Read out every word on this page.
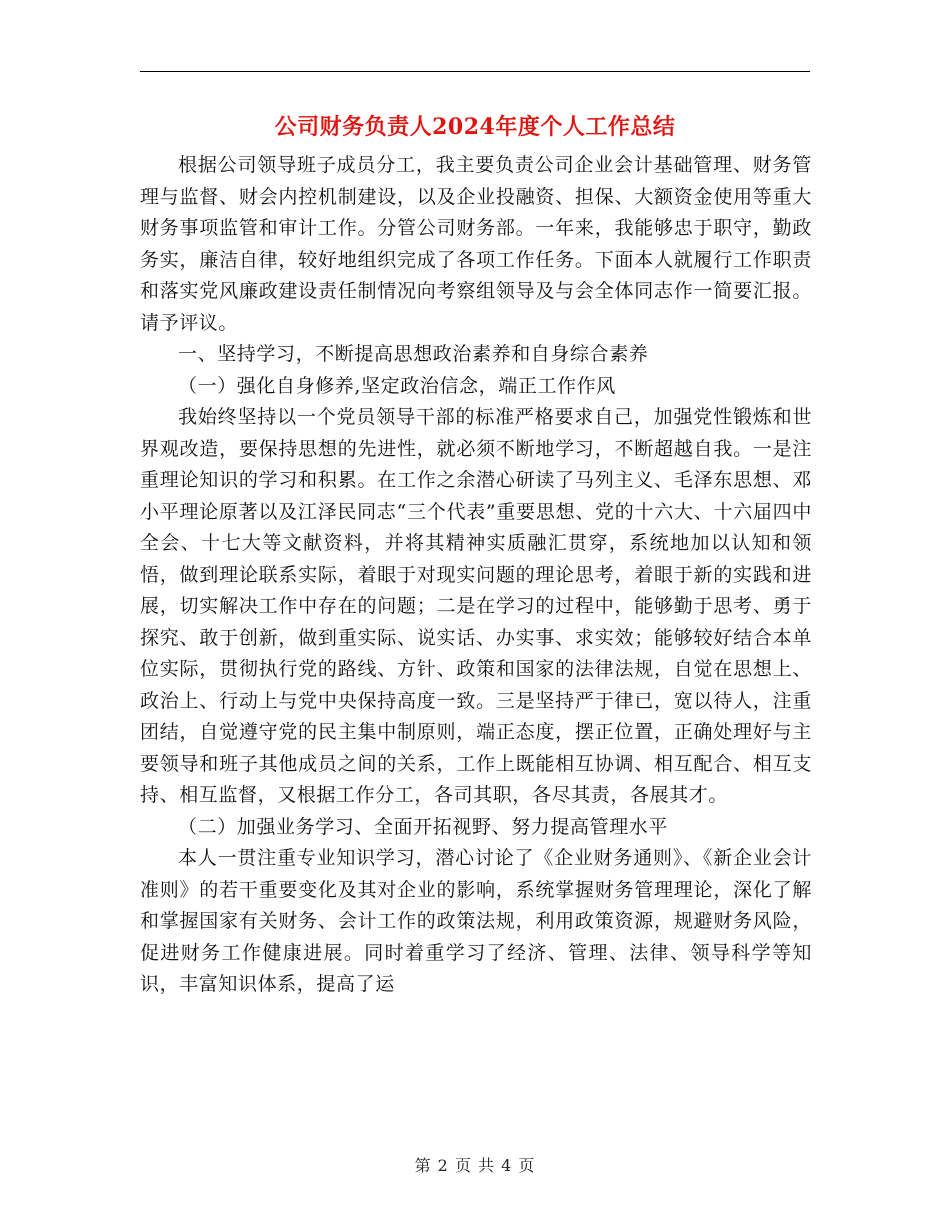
公司财务负责人2024年度个人工作总结

根据公司领导班子成员分工，我主要负责公司企业会计基础管理、财务管理与监督、财会内控机制建设，以及企业投融资、担保、大额资金使用等重大财务事项监管和审计工作。分管公司财务部。一年来，我能够忠于职守，勤政务实，廉洁自律，较好地组织完成了各项工作任务。下面本人就履行工作职责和落实党风廉政建设责任制情况向考察组领导及与会全体同志作一简要汇报。请予评议。

一、坚持学习，不断提高思想政治素养和自身综合素养

（一）强化自身修养,坚定政治信念，端正工作作风

我始终坚持以一个党员领导干部的标准严格要求自己，加强党性锻炼和世界观改造，要保持思想的先进性，就必须不断地学习，不断超越自我。一是注重理论知识的学习和积累。在工作之余潜心研读了马列主义、毛泽东思想、邓小平理论原著以及江泽民同志“三个代表”重要思想、党的十六大、十六届四中全会、十七大等文献资料，并将其精神实质融汇贯穿，系统地加以认知和领悟，做到理论联系实际，着眼于对现实问题的理论思考，着眼于新的实践和进展，切实解决工作中存在的问题；二是在学习的过程中，能够勤于思考、勇于探究、敢于创新，做到重实际、说实话、办实事、求实效；能够较好结合本单位实际，贯彻执行党的路线、方针、政策和国家的法律法规，自觉在思想上、政治上、行动上与党中央保持高度一致。三是坚持严于律已，宽以待人，注重团结，自觉遵守党的民主集中制原则，端正态度，摆正位置，正确处理好与主要领导和班子其他成员之间的关系，工作上既能相互协调、相互配合、相互支持、相互监督，又根据工作分工，各司其职，各尽其责，各展其才。

（二）加强业务学习、全面开拓视野、努力提高管理水平

本人一贯注重专业知识学习，潜心讨论了《企业财务通则》、《新企业会计准则》的若干重要变化及其对企业的影响，系统掌握财务管理理论，深化了解和掌握国家有关财务、会计工作的政策法规，利用政策资源，规避财务风险，促进财务工作健康进展。同时着重学习了经济、管理、法律、领导科学等知识，丰富知识体系，提高了运

第 2 页 共 4 页
